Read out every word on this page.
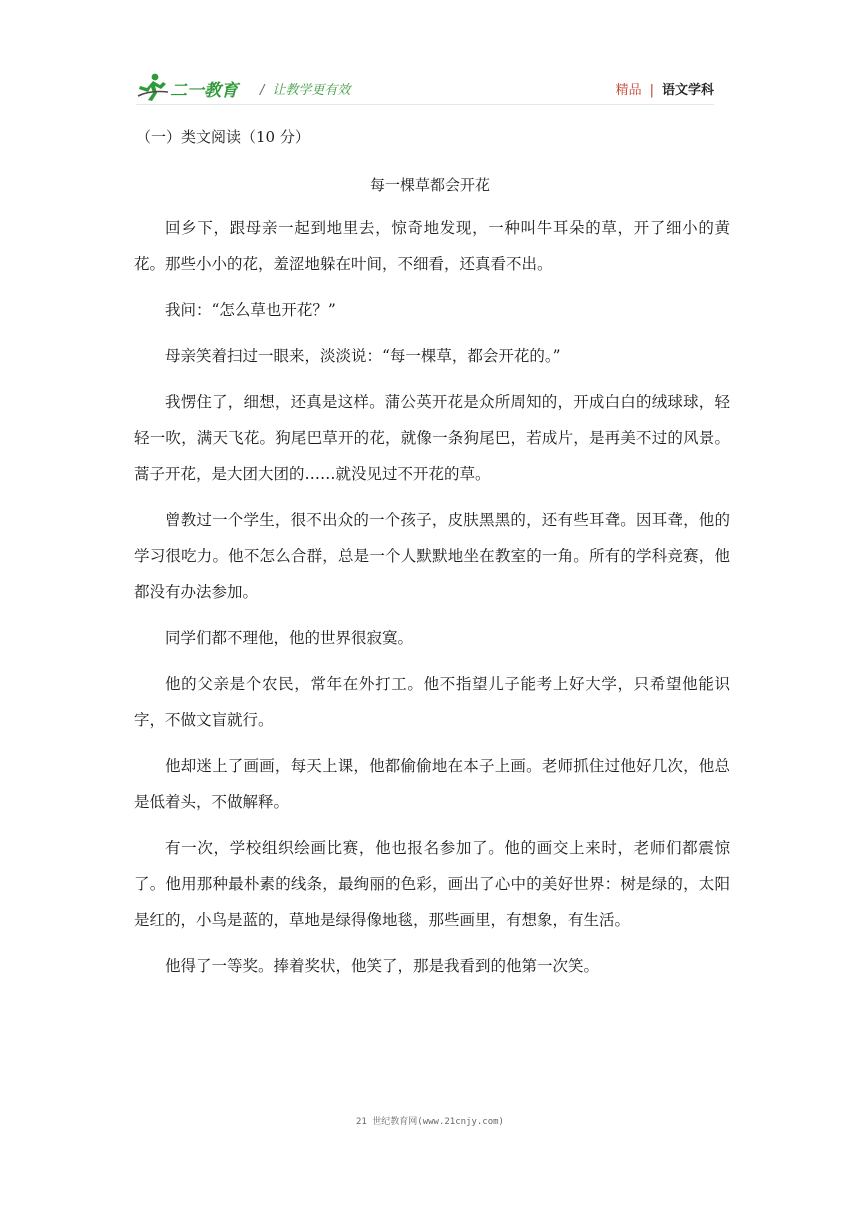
二一教育 / 让教学更有效	精品 | 语文学科
（一）类文阅读（10 分）
每一棵草都会开花

回乡下，跟母亲一起到地里去，惊奇地发现，一种叫牛耳朵的草，开了细小的黄花。那些小小的花，羞涩地躲在叶间，不细看，还真看不出。

我问：“怎么草也开花？”

母亲笑着扫过一眼来，淡淡说：“每一棵草，都会开花的。”

我愣住了，细想，还真是这样。蒲公英开花是众所周知的，开成白白的绒球球，轻轻一吹，满天飞花。狗尾巴草开的花，就像一条狗尾巴，若成片，是再美不过的风景。蒿子开花，是大团大团的……就没见过不开花的草。

曾教过一个学生，很不出众的一个孩子，皮肤黑黑的，还有些耳聋。因耳聋，他的学习很吃力。他不怎么合群，总是一个人默默地坐在教室的一角。所有的学科竞赛，他都没有办法参加。

同学们都不理他，他的世界很寂寞。

他的父亲是个农民，常年在外打工。他不指望儿子能考上好大学，只希望他能识字，不做文盲就行。

他却迷上了画画，每天上课，他都偷偷地在本子上画。老师抓住过他好几次，他总是低着头，不做解释。

有一次，学校组织绘画比赛，他也报名参加了。他的画交上来时，老师们都震惊了。他用那种最朴素的线条，最绚丽的色彩，画出了心中的美好世界：树是绿的，太阳是红的，小鸟是蓝的，草地是绿得像地毯，那些画里，有想象，有生活。

他得了一等奖。捧着奖状，他笑了，那是我看到的他第一次笑。

21 世纪教育网(www.21cnjy.com)
